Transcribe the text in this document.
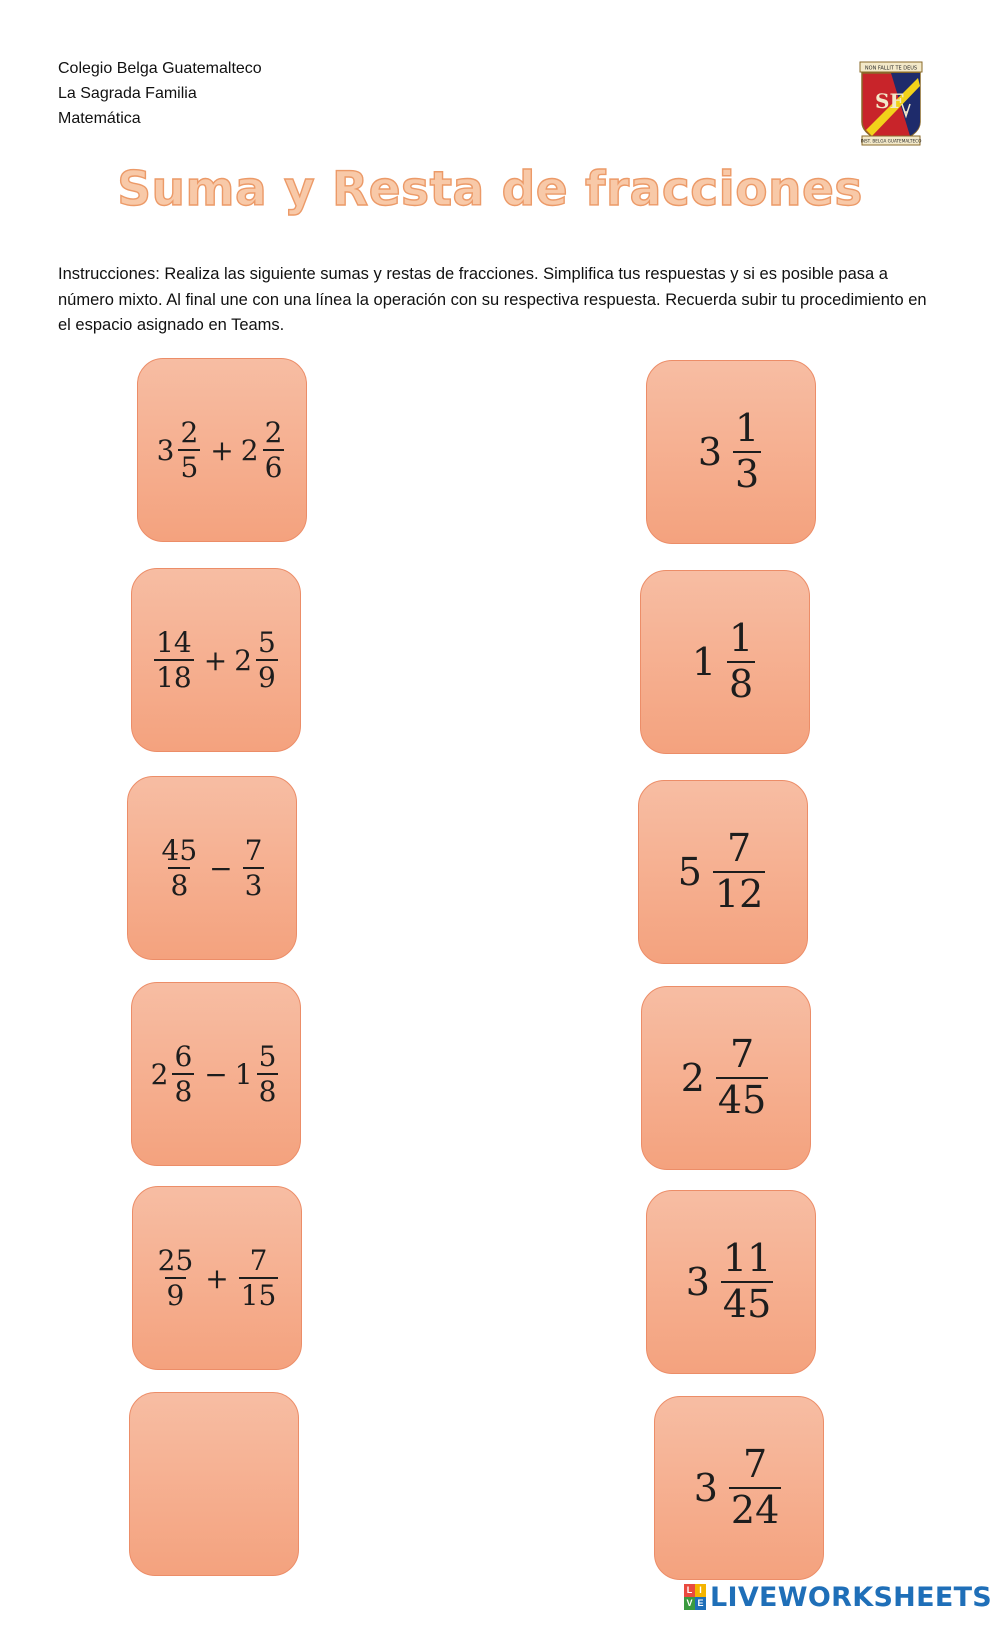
Colegio Belga Guatemalteco
La Sagrada Familia
Matemática
NON FALLIT TE DEUS
SF
INST. BELGA GUATEMALTECO
Suma y Resta de fracciones
Instrucciones: Realiza las siguiente sumas y restas de fracciones. Simplifica tus respuestas y si es posible pasa a número mixto. Al final une con una línea la operación con su respectiva respuesta. Recuerda subir tu procedimiento en el espacio asignado en Teams.
$3 \frac{2}{5} + 2 \frac{2}{6}$
$\frac{14}{18} + 2 \frac{5}{9}$
$\frac{45}{8} - \frac{7}{3}$
$2 \frac{6}{8} - 1 \frac{5}{8}$
$\frac{25}{9} + \frac{7}{15}$
$3 \frac{1}{3}$
$1 \frac{1}{8}$
$5 \frac{7}{12}$
$2 \frac{7}{45}$
$3 \frac{11}{45}$
$3 \frac{7}{24}$
L I
V E LIVEWORKSHEETS
